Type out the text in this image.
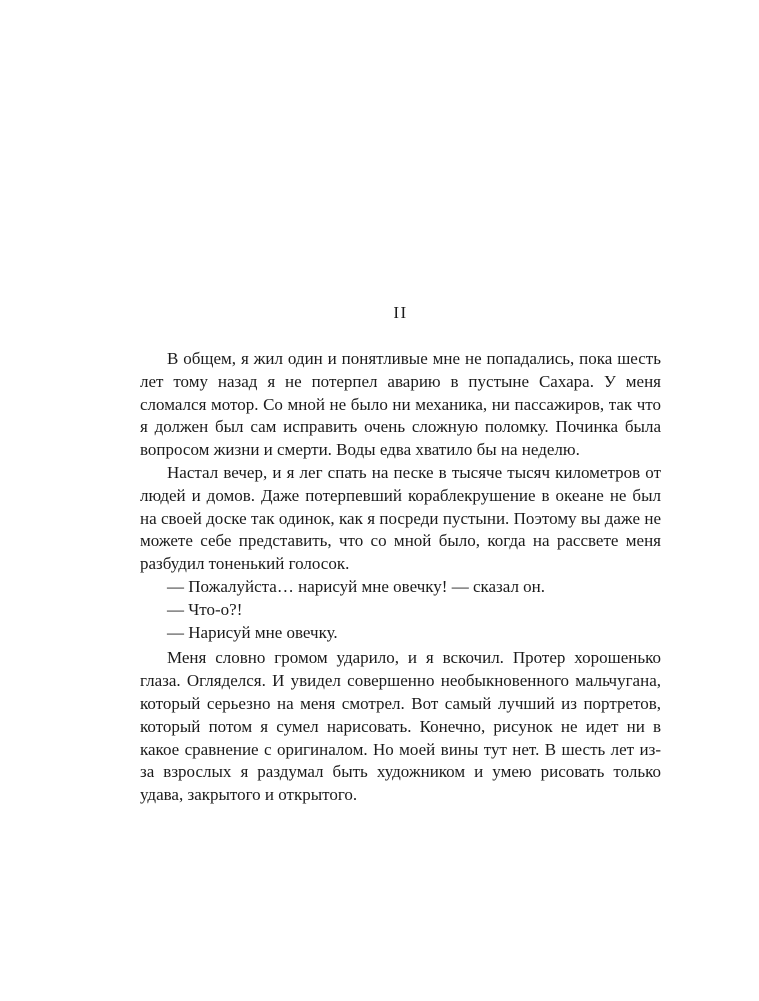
II

В общем, я жил один и понятливые мне не попадались, пока шесть лет тому назад я не потерпел аварию в пустыне Сахара. У меня сломался мотор. Со мной не было ни механика, ни пассажиров, так что я должен был сам исправить очень сложную поломку. Починка была вопросом жизни и смерти. Воды едва хватило бы на неделю.

Настал вечер, и я лег спать на песке в тысяче тысяч километров от людей и домов. Даже потерпевший кораблекрушение в океане не был на своей доске так одинок, как я посреди пустыни. Поэтому вы даже не можете себе представить, что со мной было, когда на рассвете меня разбудил тоненький голосок.

— Пожалуйста… нарисуй мне овечку! — сказал он.

— Что-о?!

— Нарисуй мне овечку.

Меня словно громом ударило, и я вскочил. Протер хорошенько глаза. Огляделся. И увидел совершенно необыкновенного мальчугана, который серьезно на меня смотрел. Вот самый лучший из портретов, который потом я сумел нарисовать. Конечно, рисунок не идет ни в какое сравнение с оригиналом. Но моей вины тут нет. В шесть лет из-за взрослых я раздумал быть художником и умею рисовать только удава, закрытого и открытого.
